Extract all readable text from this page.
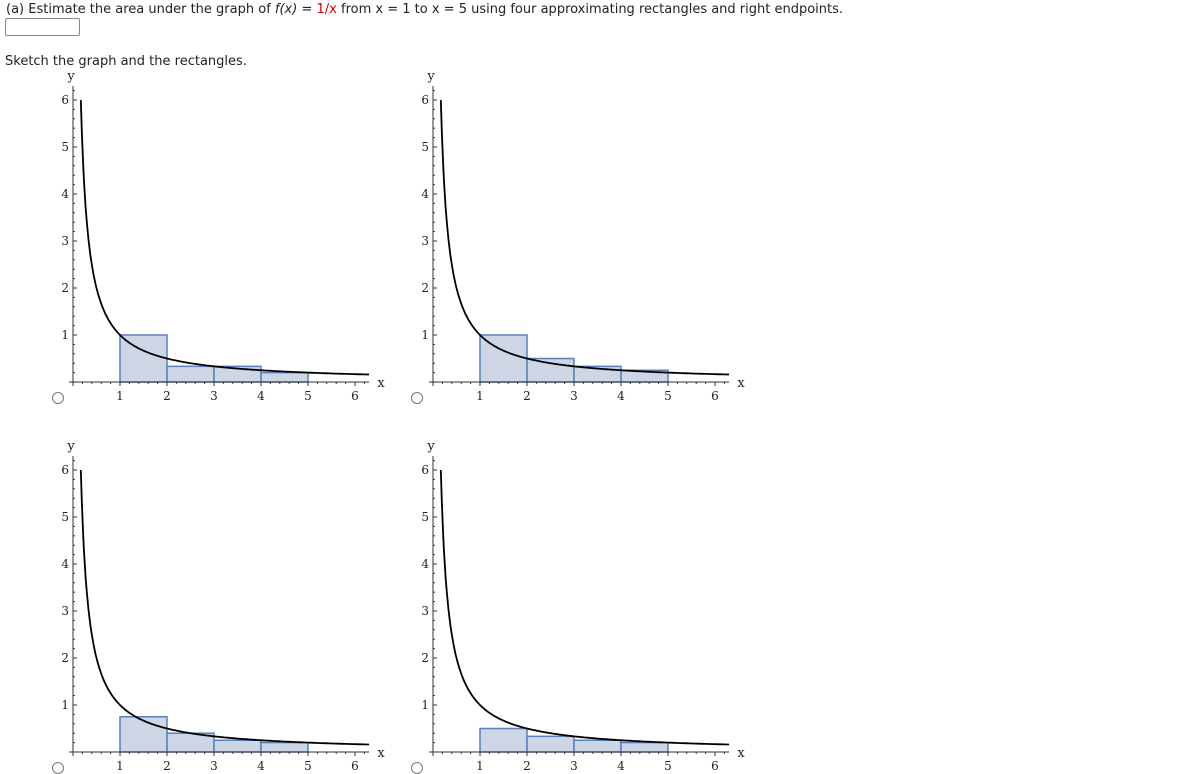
(a) Estimate the area under the graph of f(x) = 1/x from x = 1 to x = 5 using four approximating rectangles and right endpoints.
Sketch the graph and the rectangles.
1	2	3	4	5	6
1
2
3
4
5
6
x
y
1	2	3	4	5	6
1
2
3
4
5
6
x
y
1	2	3	4	5	6
1
2
3
4
5
6
x
y
1	2	3	4	5	6
1
2
3
4
5
6
x
y
